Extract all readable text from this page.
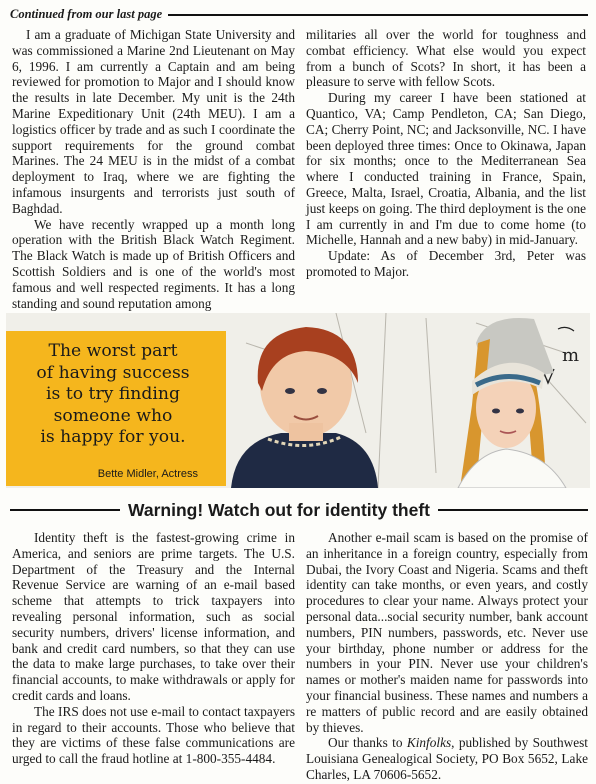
Continued from our last page

I am a graduate of Michigan State University and was commissioned a Marine 2nd Lieutenant on May 6, 1996. I am currently a Captain and am being reviewed for promotion to Major and I should know the results in late December. My unit is the 24th Marine Expeditionary Unit (24th MEU). I am a logistics officer by trade and as such I coordinate the support requirements for the ground combat Marines. The 24 MEU is in the midst of a combat deployment to Iraq, where we are fighting the infamous insurgents and terrorists just south of Baghdad.

We have recently wrapped up a month long operation with the British Black Watch Regiment. The Black Watch is made up of British Officers and Scottish Soldiers and is one of the world's most famous and well respected regiments. It has a long standing and sound reputation among

militaries all over the world for toughness and combat efficiency. What else would you expect from a bunch of Scots? In short, it has been a pleasure to serve with fellow Scots.

During my career I have been stationed at Quantico, VA; Camp Pendleton, CA; San Diego, CA; Cherry Point, NC; and Jacksonville, NC. I have been deployed three times: Once to Okinawa, Japan for six months; once to the Mediterranean Sea where I conducted training in France, Spain, Greece, Malta, Israel, Croatia, Albania, and the list just keeps on going. The third deployment is the one I am currently in and I'm due to come home (to Michelle, Hannah and a new baby) in mid-January.

Update: As of December 3rd, Peter was promoted to Major.

m
The worst part
of having success
is to try finding
someone who
is happy for you.
Bette Midler, Actress
Warning! Watch out for identity theft

Identity theft is the fastest-growing crime in America, and seniors are prime targets. The U.S. Department of the Treasury and the Internal Revenue Service are warning of an e-mail based scheme that attempts to trick taxpayers into revealing personal information, such as social security numbers, drivers' license information, and bank and credit card numbers, so that they can use the data to make large purchases, to take over their financial accounts, to make withdrawals or apply for credit cards and loans.

The IRS does not use e-mail to contact taxpayers in regard to their accounts. Those who believe that they are victims of these false communications are urged to call the fraud hotline at 1-800-355-4484.

Another e-mail scam is based on the promise of an inheritance in a foreign country, especially from Dubai, the Ivory Coast and Nigeria. Scams and theft identity can take months, or even years, and costly procedures to clear your name. Always protect your personal data...social security number, bank account numbers, PIN numbers, passwords, etc. Never use your birthday, phone number or address for the numbers in your PIN. Never use your children's names or mother's maiden name for passwords into your financial business. These names and numbers a re matters of public record and are easily obtained by thieves.

Our thanks to Kinfolks, published by Southwest Louisiana Genealogical Society, PO Box 5652, Lake Charles, LA 70606-5652.
